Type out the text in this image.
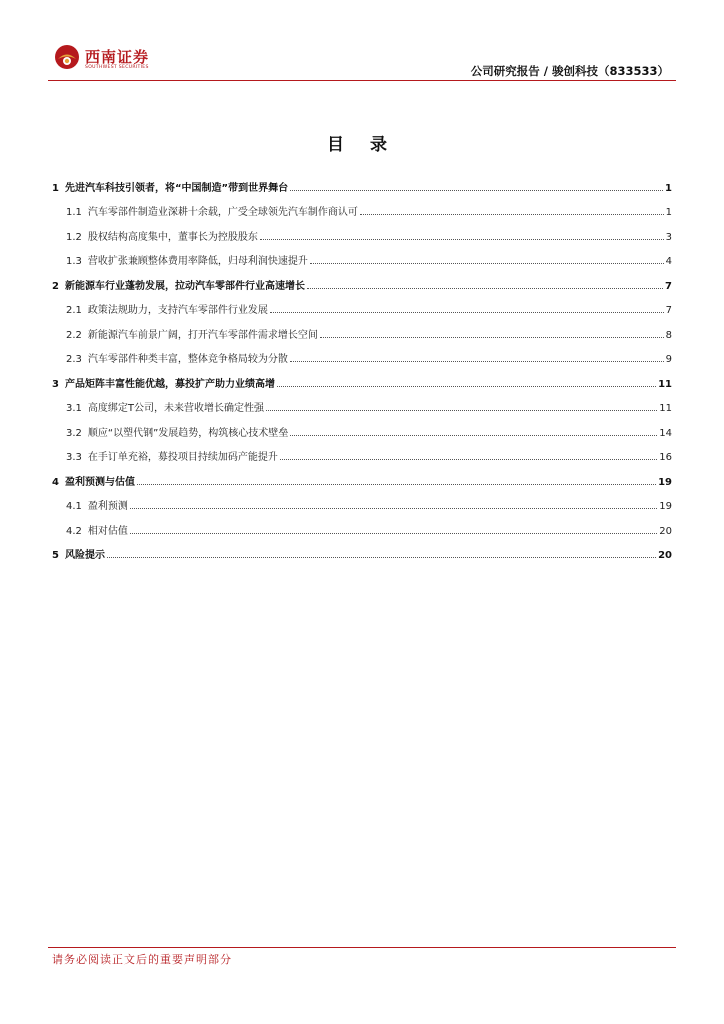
西南证券
SOUTHWEST SECURITIES	公司研究报告 / 骏创科技（833533）
目 录
1 先进汽车科技引领者，将“中国制造”带到世界舞台	1
1.1 汽车零部件制造业深耕十余载，广受全球领先汽车制作商认可	1
1.2 股权结构高度集中，董事长为控股股东	3
1.3 营收扩张兼顾整体费用率降低，归母利润快速提升	4
2 新能源车行业蓬勃发展，拉动汽车零部件行业高速增长	7
2.1 政策法规助力，支持汽车零部件行业发展	7
2.2 新能源汽车前景广阔，打开汽车零部件需求增长空间	8
2.3 汽车零部件种类丰富，整体竞争格局较为分散	9
3 产品矩阵丰富性能优越，募投扩产助力业绩高增	11
3.1 高度绑定T公司，未来营收增长确定性强	11
3.2 顺应“以塑代钢”发展趋势，构筑核心技术壁垒	14
3.3 在手订单充裕，募投项目持续加码产能提升	16
4 盈利预测与估值	19
4.1 盈利预测	19
4.2 相对估值	20
5 风险提示	20
请务必阅读正文后的重要声明部分
